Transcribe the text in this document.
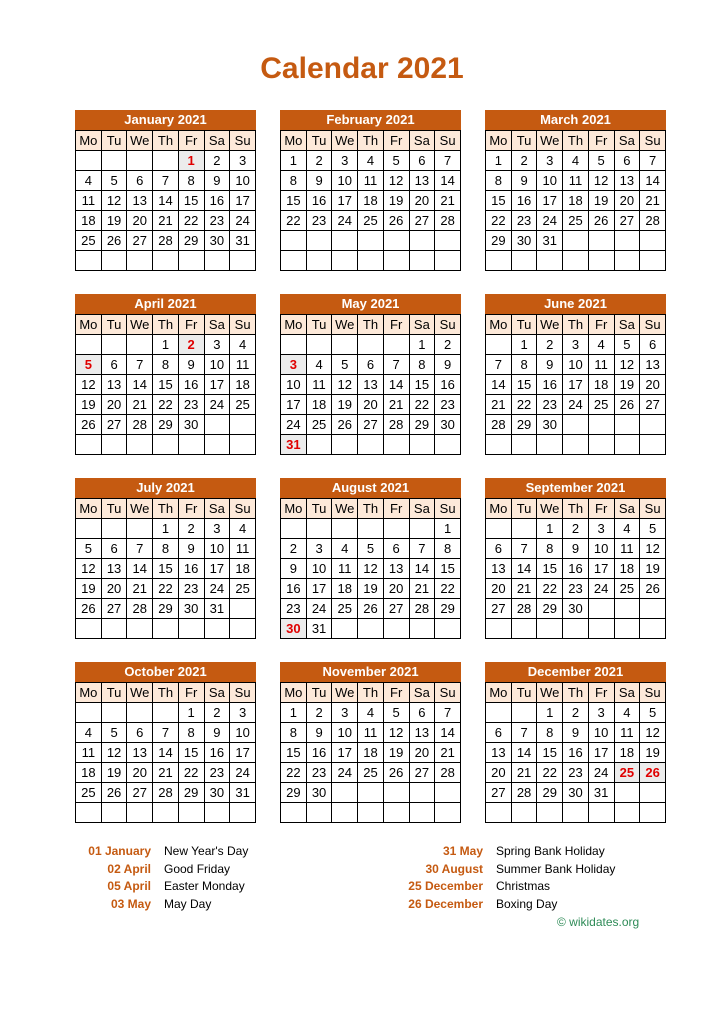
Calendar 2021
January 2021
Mo	Tu	We	Th	Fr	Sa	Su
				1	2	3
4	5	6	7	8	9	10
11	12	13	14	15	16	17
18	19	20	21	22	23	24
25	26	27	28	29	30	31

February 2021
Mo	Tu	We	Th	Fr	Sa	Su
1	2	3	4	5	6	7
8	9	10	11	12	13	14
15	16	17	18	19	20	21
22	23	24	25	26	27	28

March 2021
Mo	Tu	We	Th	Fr	Sa	Su
1	2	3	4	5	6	7
8	9	10	11	12	13	14
15	16	17	18	19	20	21
22	23	24	25	26	27	28
29	30	31				

April 2021
Mo	Tu	We	Th	Fr	Sa	Su
			1	2	3	4
5	6	7	8	9	10	11
12	13	14	15	16	17	18
19	20	21	22	23	24	25
26	27	28	29	30		

May 2021
Mo	Tu	We	Th	Fr	Sa	Su
					1	2
3	4	5	6	7	8	9
10	11	12	13	14	15	16
17	18	19	20	21	22	23
24	25	26	27	28	29	30
31						
June 2021
Mo	Tu	We	Th	Fr	Sa	Su
	1	2	3	4	5	6
7	8	9	10	11	12	13
14	15	16	17	18	19	20
21	22	23	24	25	26	27
28	29	30				

July 2021
Mo	Tu	We	Th	Fr	Sa	Su
			1	2	3	4
5	6	7	8	9	10	11
12	13	14	15	16	17	18
19	20	21	22	23	24	25
26	27	28	29	30	31	

August 2021
Mo	Tu	We	Th	Fr	Sa	Su
						1
2	3	4	5	6	7	8
9	10	11	12	13	14	15
16	17	18	19	20	21	22
23	24	25	26	27	28	29
30	31					
September 2021
Mo	Tu	We	Th	Fr	Sa	Su
		1	2	3	4	5
6	7	8	9	10	11	12
13	14	15	16	17	18	19
20	21	22	23	24	25	26
27	28	29	30			

October 2021
Mo	Tu	We	Th	Fr	Sa	Su
				1	2	3
4	5	6	7	8	9	10
11	12	13	14	15	16	17
18	19	20	21	22	23	24
25	26	27	28	29	30	31

November 2021
Mo	Tu	We	Th	Fr	Sa	Su
1	2	3	4	5	6	7
8	9	10	11	12	13	14
15	16	17	18	19	20	21
22	23	24	25	26	27	28
29	30					

December 2021
Mo	Tu	We	Th	Fr	Sa	Su
		1	2	3	4	5
6	7	8	9	10	11	12
13	14	15	16	17	18	19
20	21	22	23	24	25	26
27	28	29	30	31		

01 January New Year's Day
02 April Good Friday
05 April Easter Monday
03 May May Day
31 May Spring Bank Holiday
30 August Summer Bank Holiday
25 December Christmas
26 December Boxing Day
© wikidates.org
